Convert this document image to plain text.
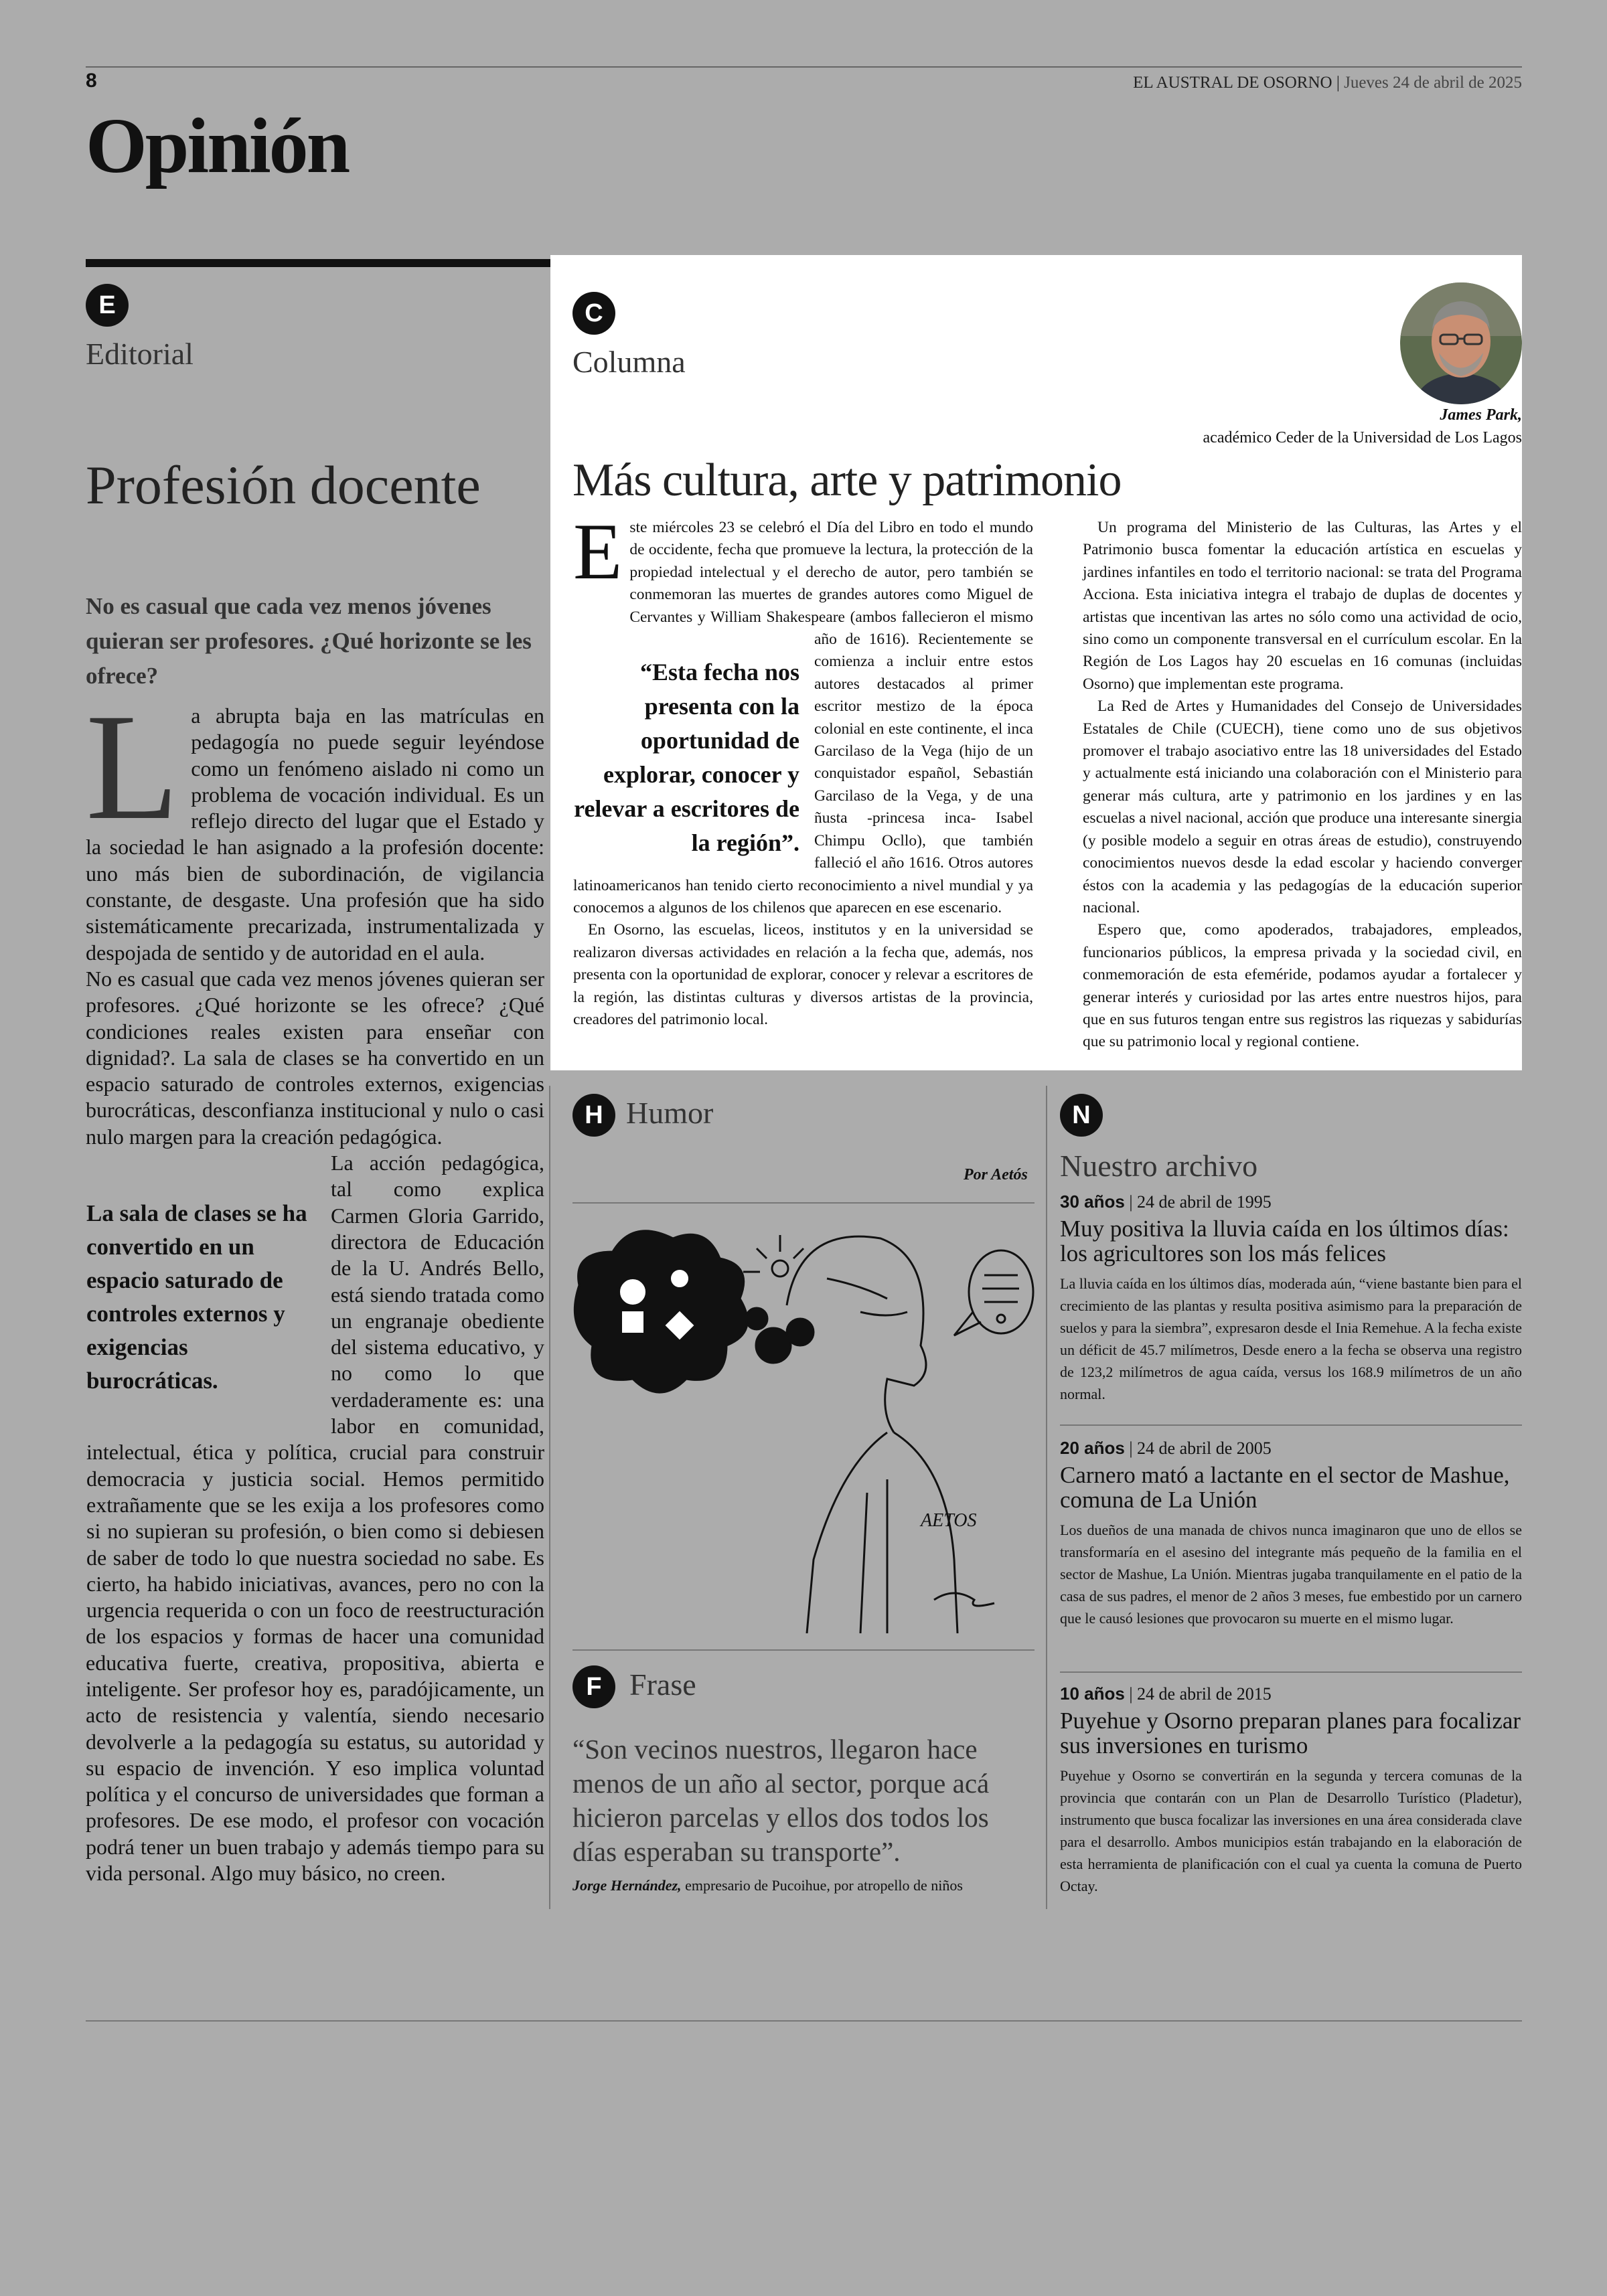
8	EL AUSTRAL DE OSORNO | Jueves 24 de abril de 2025
Opinión
E
Editorial
Profesión docente
No es casual que cada vez menos jóvenes quieran ser profesores. ¿Qué horizonte se les ofrece?
L a abrupta baja en las matrículas en pedagogía no puede seguir leyéndose como un fenómeno aislado ni como un problema de vocación individual. Es un reflejo directo del lugar que el Estado y la sociedad le han asignado a la profesión docente: uno más bien de subordinación, de vigilancia constante, de desgaste. Una profesión que ha sido sistemáticamente precarizada, instrumentalizada y despojada de sentido y de autoridad en el aula.
No es casual que cada vez menos jóvenes quieran ser profesores. ¿Qué horizonte se les ofrece? ¿Qué condiciones reales existen para enseñar con dignidad?. La sala de clases se ha convertido en un espacio saturado de controles externos, exigencias burocráticas, desconfianza institucional y nulo o casi nulo margen para la creación pedagógica.

La sala de clases se ha convertido en un espacio saturado de controles externos y exigencias burocráticas.
La acción pedagógica, tal como explica Carmen Gloria Garrido, directora de Educación de la U. Andrés Bello, está siendo tratada como un engranaje obediente del sistema educativo, y no como lo que verdaderamente es: una labor en comunidad, intelectual, ética y política, crucial para construir democracia y justicia social. Hemos permitido extrañamente que se les exija a los profesores como si no supieran su profesión, o bien como si debiesen de saber de todo lo que nuestra sociedad no sabe. Es cierto, ha habido iniciativas, avances, pero no con la urgencia requerida o con un foco de reestructuración de los espacios y formas de hacer una comunidad educativa fuerte, creativa, propositiva, abierta e inteligente. Ser profesor hoy es, paradójicamente, un acto de resistencia y valentía, siendo necesario devolverle a la pedagogía su estatus, su autoridad y su espacio de invención. Y eso implica voluntad política y el concurso de universidades que forman a profesores. De ese modo, el profesor con vocación podrá tener un buen trabajo y además tiempo para su vida personal. Algo muy básico, no creen.
C
Columna
James Park,
académico Ceder de la Universidad de Los Lagos
Más cultura, arte y patrimonio
E
“Esta fecha nos presenta con la oportunidad de explorar, conocer y relevar a escritores de la región”.
ste miércoles 23 se celebró el Día del Libro en todo el mundo de occidente, fecha que promueve la lectura, la protección de la propiedad intelectual y el derecho de autor, pero también se conmemoran las muertes de grandes autores como Miguel de Cervantes y William Shakespeare (ambos fallecieron el mismo año de 1616). Recientemente se comienza a incluir entre estos autores destacados al primer escritor mestizo de la época colonial en este continente, el inca Garcilaso de la Vega (hijo de un conquistador español, Sebastián Garcilaso de la Vega, y de una ñusta -princesa inca- Isabel Chimpu Ocllo), que también falleció el año 1616. Otros autores latinoamericanos han tenido cierto reconocimiento a nivel mundial y ya conocemos a algunos de los chilenos que aparecen en ese escenario.

En Osorno, las escuelas, liceos, institutos y en la universidad se realizaron diversas actividades en relación a la fecha que, además, nos presenta con la oportunidad de explorar, conocer y relevar a escritores de la región, las distintas culturas y diversos artistas de la provincia, creadores del patrimonio local.

Un programa del Ministerio de las Culturas, las Artes y el Patrimonio busca fomentar la educación artística en escuelas y jardines infantiles en todo el territorio nacional: se trata del Programa Acciona. Esta iniciativa integra el trabajo de duplas de docentes y artistas que incentivan las artes no sólo como una actividad de ocio, sino como un componente transversal en el currículum escolar. En la Región de Los Lagos hay 20 escuelas en 16 comunas (incluidas Osorno) que implementan este programa.

La Red de Artes y Humanidades del Consejo de Universidades Estatales de Chile (CUECH), tiene como uno de sus objetivos promover el trabajo asociativo entre las 18 universidades del Estado y actualmente está iniciando una colaboración con el Ministerio para generar más cultura, arte y patrimonio en los jardines y en las escuelas a nivel nacional, acción que produce una interesante sinergia (y posible modelo a seguir en otras áreas de estudio), construyendo conocimientos nuevos desde la edad escolar y haciendo converger éstos con la academia y las pedagogías de la educación superior nacional.

Espero que, como apoderados, trabajadores, empleados, funcionarios públicos, la empresa privada y la sociedad civil, en conmemoración de esta efeméride, podamos ayudar a fortalecer y generar interés y curiosidad por las artes entre nuestros hijos, para que en sus futuros tengan entre sus registros las riquezas y sabidurías que su patrimonio local y regional contiene.

H Humor
Por Aetós
AETOS
F Frase
“Son vecinos nuestros, llegaron hace menos de un año al sector, porque acá hicieron parcelas y ellos dos todos los días esperaban su transporte”.
Jorge Hernández, empresario de Pucoihue, por atropello de niños
N
Nuestro archivo
30 años | 24 de abril de 1995
Muy positiva la lluvia caída en los últimos días: los agricultores son los más felices

La lluvia caída en los últimos días, moderada aún, “viene bastante bien para el crecimiento de las plantas y resulta positiva asimismo para la preparación de suelos y para la siembra”, expresaron desde el Inia Remehue. A la fecha existe un déficit de 45.7 milímetros, Desde enero a la fecha se observa una registro de 123,2 milímetros de agua caída, versus los 168.9 milímetros de un año normal.

20 años | 24 de abril de 2005
Carnero mató a lactante en el sector de Mashue, comuna de La Unión

Los dueños de una manada de chivos nunca imaginaron que uno de ellos se transformaría en el asesino del integrante más pequeño de la familia en el sector de Mashue, La Unión. Mientras jugaba tranquilamente en el patio de la casa de sus padres, el menor de 2 años 3 meses, fue embestido por un carnero que le causó lesiones que provocaron su muerte en el mismo lugar.

10 años | 24 de abril de 2015
Puyehue y Osorno preparan planes para focalizar sus inversiones en turismo

Puyehue y Osorno se convertirán en la segunda y tercera comunas de la provincia que contarán con un Plan de Desarrollo Turístico (Pladetur), instrumento que busca focalizar las inversiones en una área considerada clave para el desarrollo. Ambos municipios están trabajando en la elaboración de esta herramienta de planificación con el cual ya cuenta la comuna de Puerto Octay.
